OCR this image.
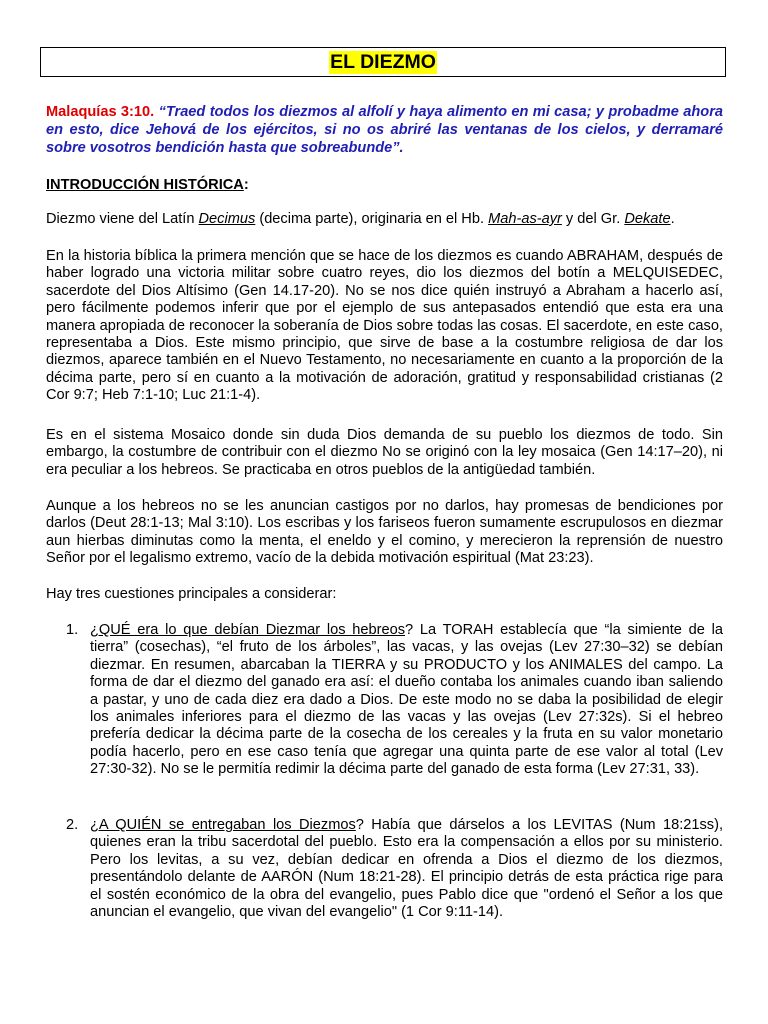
EL DIEZMO
Malaquías 3:10. “Traed todos los diezmos al alfolí y haya alimento en mi casa; y probadme ahora en esto, dice Jehová de los ejércitos, si no os abriré las ventanas de los cielos, y derramaré sobre vosotros bendición hasta que sobreabunde”.
INTRODUCCIÓN HISTÓRICA:

Diezmo viene del Latín Decimus (decima parte), originaria en el Hb. Mah-as-ayr y del Gr. Dekate.

En la historia bíblica la primera mención que se hace de los diezmos es cuando ABRAHAM, después de haber logrado una victoria militar sobre cuatro reyes, dio los diezmos del botín a MELQUISEDEC, sacerdote del Dios Altísimo (Gen 14.17-20). No se nos dice quién instruyó a Abraham a hacerlo así, pero fácilmente podemos inferir que por el ejemplo de sus antepasados entendió que esta era una manera apropiada de reconocer la soberanía de Dios sobre todas las cosas. El sacerdote, en este caso, representaba a Dios. Este mismo principio, que sirve de base a la costumbre religiosa de dar los diezmos, aparece también en el Nuevo Testamento, no necesariamente en cuanto a la proporción de la décima parte, pero sí en cuanto a la motivación de adoración, gratitud y responsabilidad cristianas (2 Cor 9:7; Heb 7:1-10; Luc 21:1-4).

Es en el sistema Mosaico donde sin duda Dios demanda de su pueblo los diezmos de todo. Sin embargo, la costumbre de contribuir con el diezmo No se originó con la ley mosaica (Gen 14:17–20), ni era peculiar a los hebreos. Se practicaba en otros pueblos de la antigüedad también.

Aunque a los hebreos no se les anuncian castigos por no darlos, hay promesas de bendiciones por darlos (Deut 28:1-13; Mal 3:10). Los escribas y los fariseos fueron sumamente escrupulosos en diezmar aun hierbas diminutas como la menta, el eneldo y el comino, y merecieron la reprensión de nuestro Señor por el legalismo extremo, vacío de la debida motivación espiritual (Mat 23:23).

Hay tres cuestiones principales a considerar:

1. ¿QUÉ era lo que debían Diezmar los hebreos? La TORAH establecía que “la simiente de la tierra” (cosechas), “el fruto de los árboles”, las vacas, y las ovejas (Lev 27:30–32) se debían diezmar. En resumen, abarcaban la TIERRA y su PRODUCTO y los ANIMALES del campo. La forma de dar el diezmo del ganado era así: el dueño contaba los animales cuando iban saliendo a pastar, y uno de cada diez era dado a Dios. De este modo no se daba la posibilidad de elegir los animales inferiores para el diezmo de las vacas y las ovejas (Lev 27:32s). Si el hebreo prefería dedicar la décima parte de la cosecha de los cereales y la fruta en su valor monetario podía hacerlo, pero en ese caso tenía que agregar una quinta parte de ese valor al total (Lev 27:30-32). No se le permitía redimir la décima parte del ganado de esta forma (Lev 27:31, 33).
2. ¿A QUIÉN se entregaban los Diezmos? Había que dárselos a los LEVITAS (Num 18:21ss), quienes eran la tribu sacerdotal del pueblo. Esto era la compensación a ellos por su ministerio. Pero los levitas, a su vez, debían dedicar en ofrenda a Dios el diezmo de los diezmos, presentándolo delante de AARÓN (Num 18:21-28). El principio detrás de esta práctica rige para el sostén económico de la obra del evangelio, pues Pablo dice que "ordenó el Señor a los que anuncian el evangelio, que vivan del evangelio" (1 Cor 9:11-14).
